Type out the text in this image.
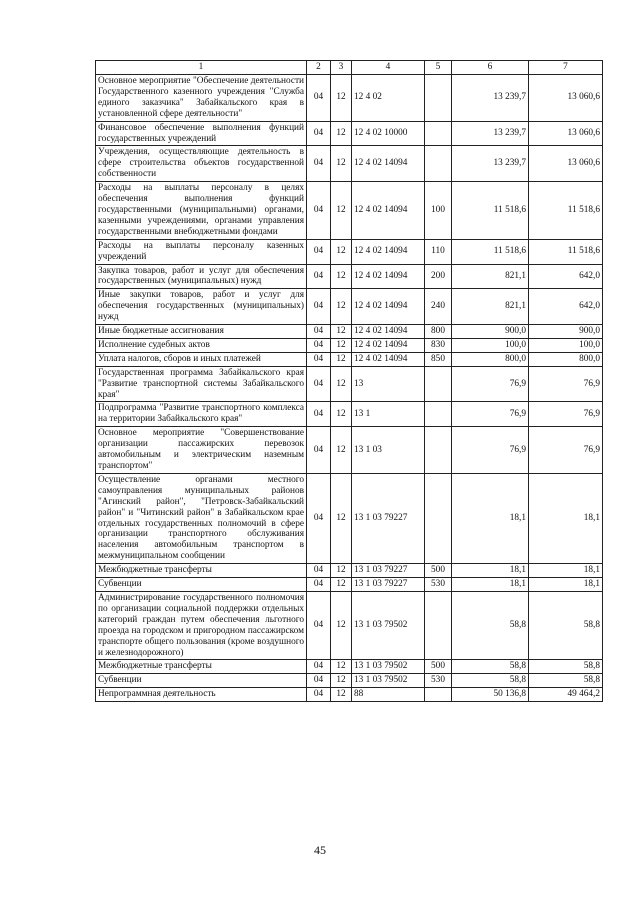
1	2	3	4	5	6	7
Основное мероприятие "Обеспечение деятельности Государственного казенного учреждения "Служба единого заказчика" Забайкальского края в установленной сфере деятельности"	04	12	12 4 02		13 239,7	13 060,6
Финансовое обеспечение выполнения функций государственных учреждений	04	12	12 4 02 10000		13 239,7	13 060,6
Учреждения, осуществляющие деятельность в сфере строительства объектов государственной собственности	04	12	12 4 02 14094		13 239,7	13 060,6
Расходы на выплаты персоналу в целях обеспечения выполнения функций государственными (муниципальными) органами, казенными учреждениями, органами управления государственными внебюджетными фондами	04	12	12 4 02 14094	100	11 518,6	11 518,6
Расходы на выплаты персоналу казенных учреждений	04	12	12 4 02 14094	110	11 518,6	11 518,6
Закупка товаров, работ и услуг для обеспечения государственных (муниципальных) нужд	04	12	12 4 02 14094	200	821,1	642,0
Иные закупки товаров, работ и услуг для обеспечения государственных (муниципальных) нужд	04	12	12 4 02 14094	240	821,1	642,0
Иные бюджетные ассигнования	04	12	12 4 02 14094	800	900,0	900,0
Исполнение судебных актов	04	12	12 4 02 14094	830	100,0	100,0
Уплата налогов, сборов и иных платежей	04	12	12 4 02 14094	850	800,0	800,0
Государственная программа Забайкальского края "Развитие транспортной системы Забайкальского края"	04	12	13		76,9	76,9
Подпрограмма "Развитие транспортного комплекса на территории Забайкальского края"	04	12	13 1		76,9	76,9
Основное мероприятие "Совершенствование организации пассажирских перевозок автомобильным и электрическим наземным транспортом"	04	12	13 1 03		76,9	76,9
Осуществление органами местного самоуправления муниципальных районов "Агинский район", "Петровск-Забайкальский район" и "Читинский район" в Забайкальском крае отдельных государственных полномочий в сфере организации транспортного обслуживания населения автомобильным транспортом в межмуниципальном сообщении	04	12	13 1 03 79227		18,1	18,1
Межбюджетные трансферты	04	12	13 1 03 79227	500	18,1	18,1
Субвенции	04	12	13 1 03 79227	530	18,1	18,1
Администрирование государственного полномочия по организации социальной поддержки отдельных категорий граждан путем обеспечения льготного проезда на городском и пригородном пассажирском транспорте общего пользования (кроме воздушного и железнодорожного)	04	12	13 1 03 79502		58,8	58,8
Межбюджетные трансферты	04	12	13 1 03 79502	500	58,8	58,8
Субвенции	04	12	13 1 03 79502	530	58,8	58,8
Непрограммная деятельность	04	12	88		50 136,8	49 464,2
45
